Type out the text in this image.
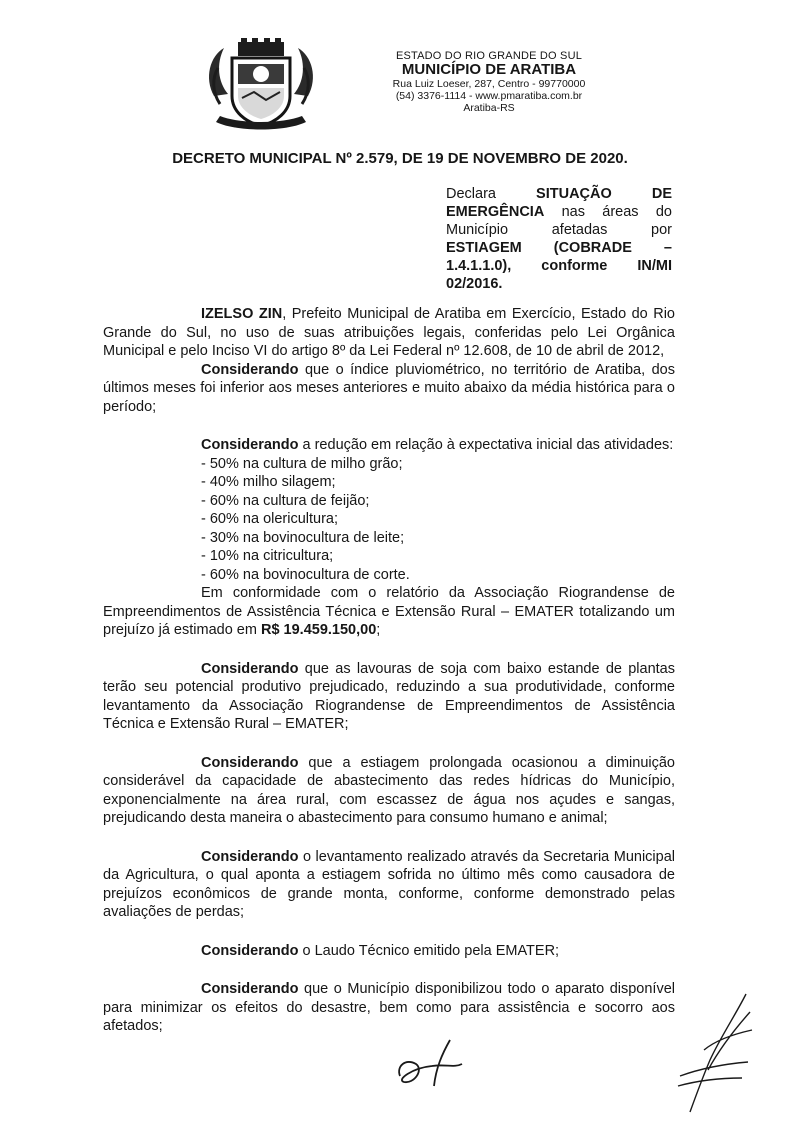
ESTADO DO RIO GRANDE DO SUL
MUNICÍPIO DE ARATIBA
Rua Luiz Loeser, 287, Centro - 99770000
(54) 3376-1114 - www.pmaratiba.com.br
Aratiba-RS
DECRETO MUNICIPAL Nº 2.579, DE 19 DE NOVEMBRO DE 2020.
Declara SITUAÇÃO DE EMERGÊNCIA nas áreas do Município afetadas por ESTIAGEM (COBRADE – 1.4.1.1.0), conforme IN/MI 02/2016.

IZELSO ZIN, Prefeito Municipal de Aratiba em Exercício, Estado do Rio Grande do Sul, no uso de suas atribuições legais, conferidas pelo Lei Orgânica Municipal e pelo Inciso VI do artigo 8º da Lei Federal nº 12.608, de 10 de abril de 2012,

Considerando que o índice pluviométrico, no território de Aratiba, dos últimos meses foi inferior aos meses anteriores e muito abaixo da média histórica para o período;

Considerando a redução em relação à expectativa inicial das atividades:

- 50% na cultura de milho grão;
- 40% milho silagem;
- 60% na cultura de feijão;
- 60% na olericultura;
- 30% na bovinocultura de leite;
- 10% na citricultura;
- 60% na bovinocultura de corte.

Em conformidade com o relatório da Associação Riograndense de Empreendimentos de Assistência Técnica e Extensão Rural – EMATER totalizando um prejuízo já estimado em R$ 19.459.150,00;

Considerando que as lavouras de soja com baixo estande de plantas terão seu potencial produtivo prejudicado, reduzindo a sua produtividade, conforme levantamento da Associação Riograndense de Empreendimentos de Assistência Técnica e Extensão Rural – EMATER;

Considerando que a estiagem prolongada ocasionou a diminuição considerável da capacidade de abastecimento das redes hídricas do Município, exponencialmente na área rural, com escassez de água nos açudes e sangas, prejudicando desta maneira o abastecimento para consumo humano e animal;

Considerando o levantamento realizado através da Secretaria Municipal da Agricultura, o qual aponta a estiagem sofrida no último mês como causadora de prejuízos econômicos de grande monta, conforme, conforme demonstrado pelas avaliações de perdas;

Considerando o Laudo Técnico emitido pela EMATER;

Considerando que o Município disponibilizou todo o aparato disponível para minimizar os efeitos do desastre, bem como para assistência e socorro aos afetados;
